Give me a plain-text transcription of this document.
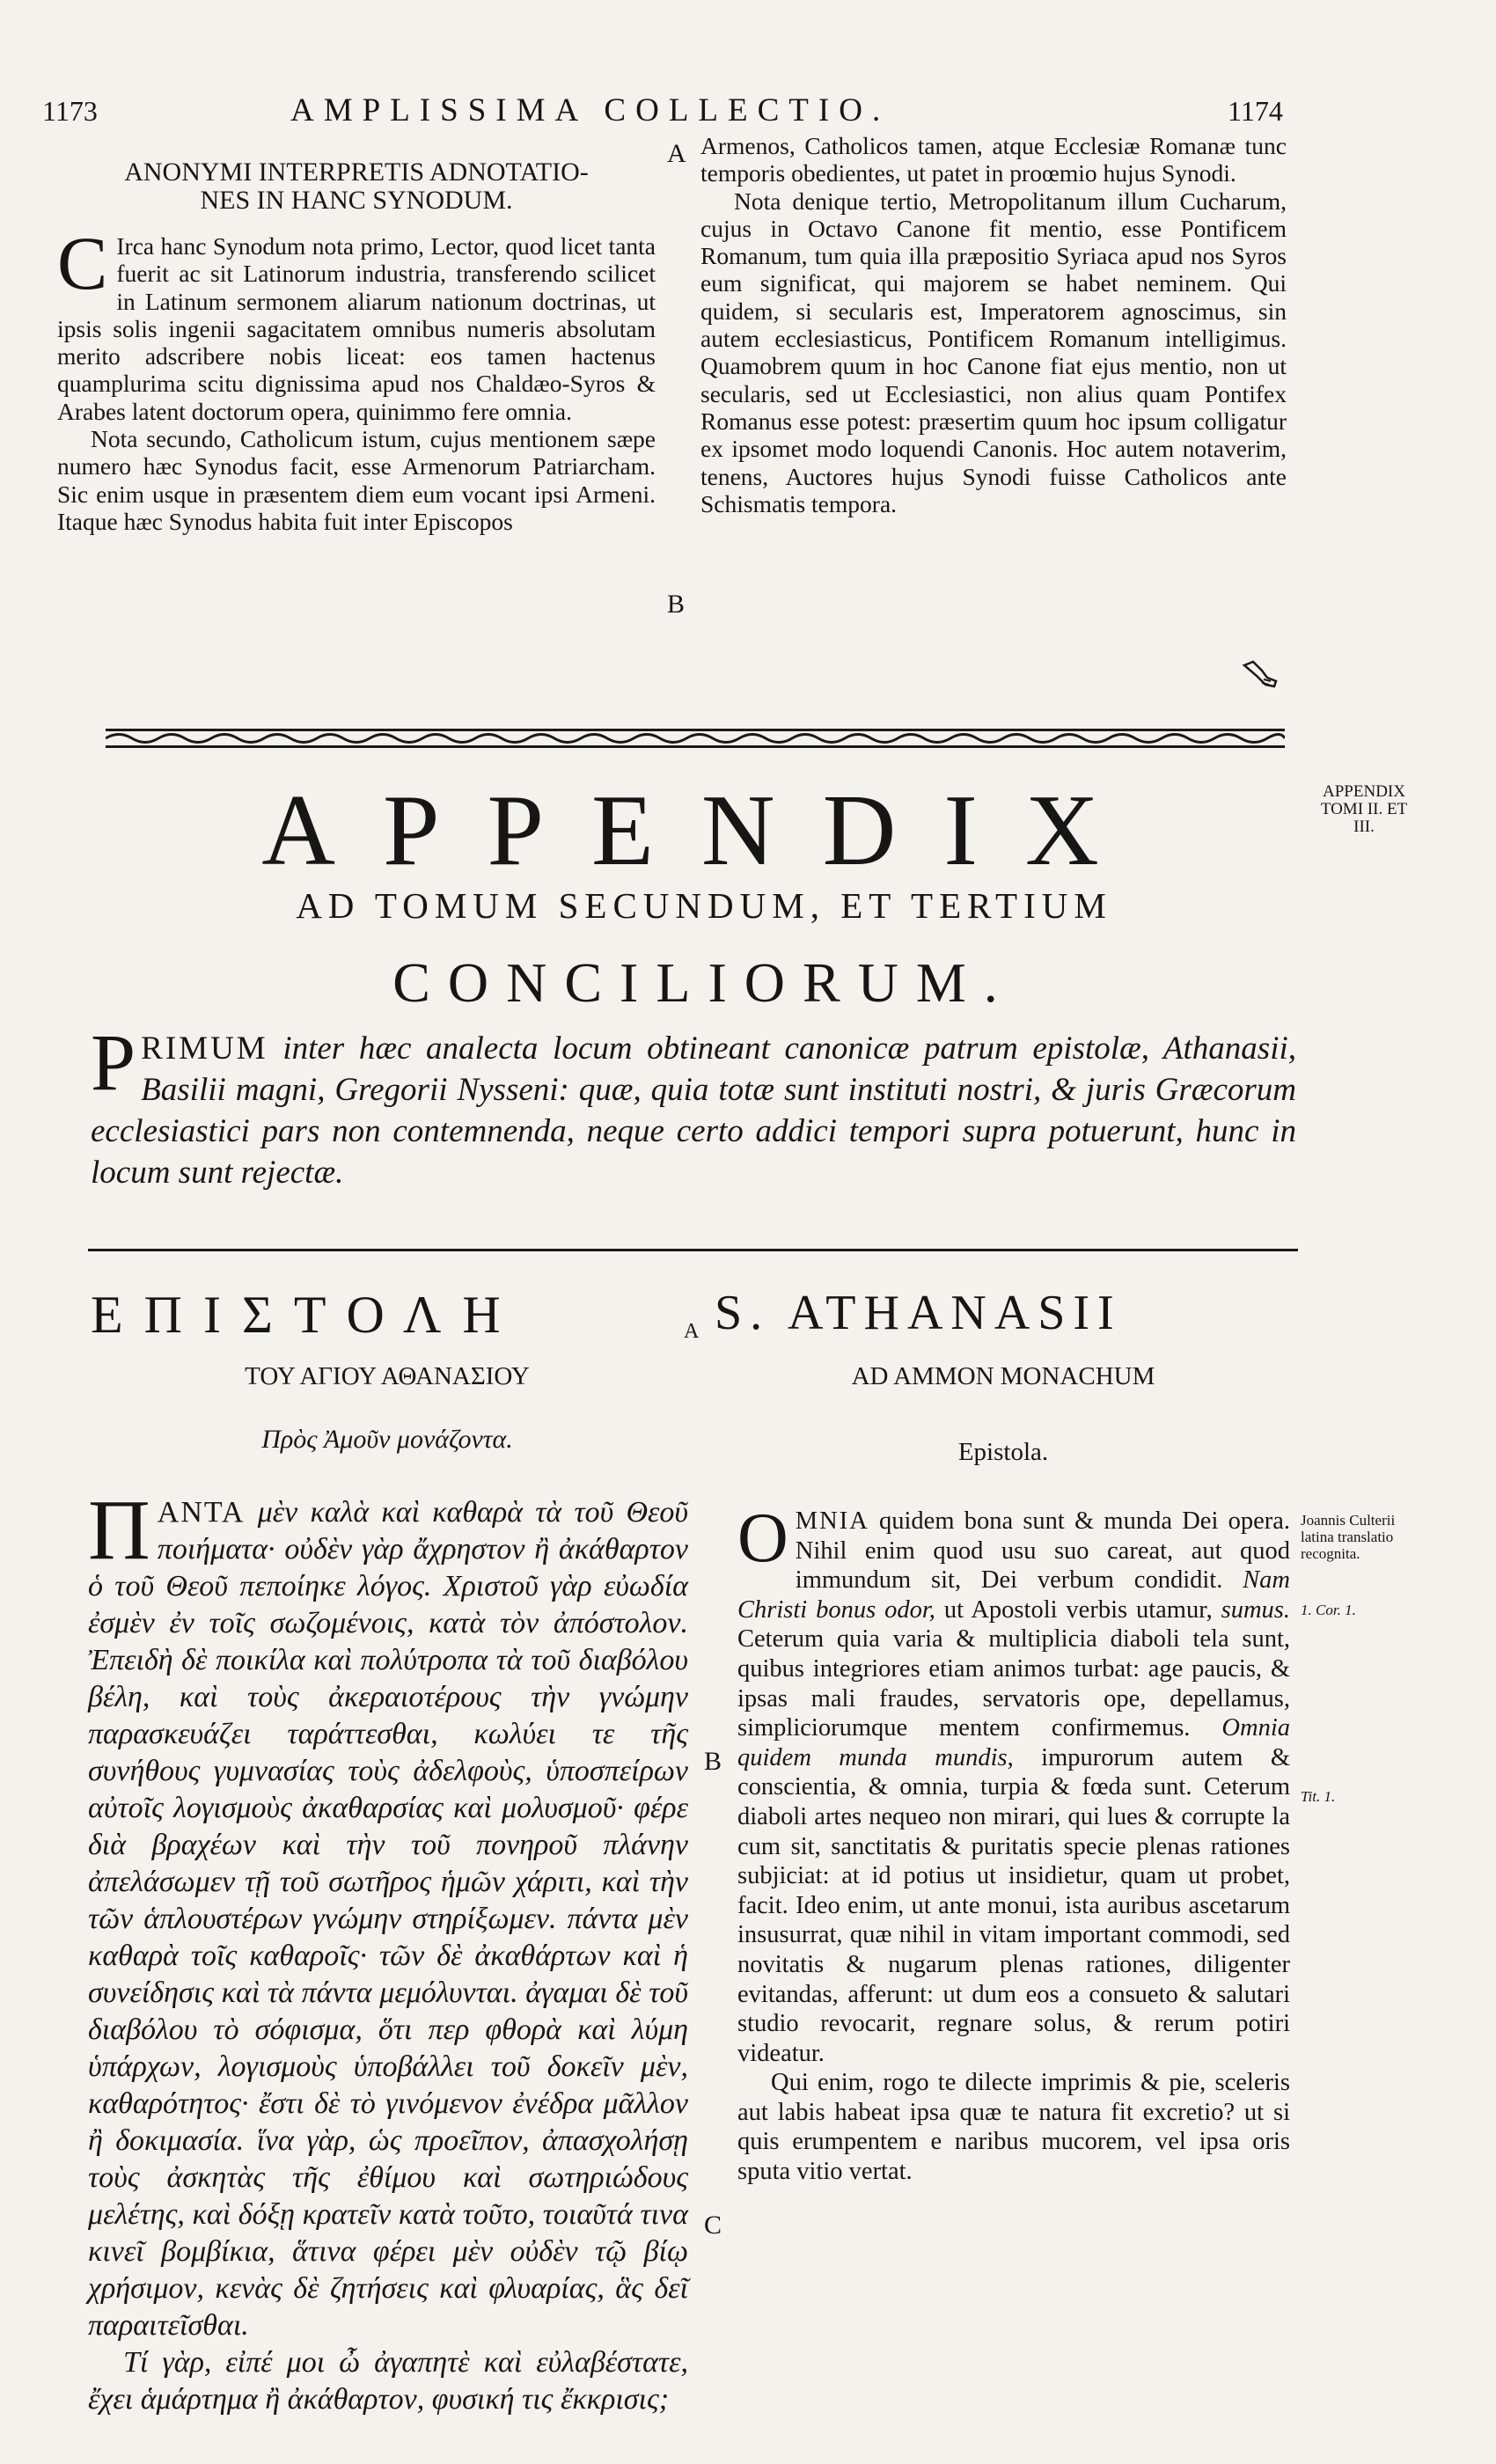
1173	AMPLISSIMA COLLECTIO.	1174
ANONYMI INTERPRETIS ADNOTATIO-
NES IN HANC SYNODUM.

C Irca hanc Synodum nota primo, Lector, quod licet tanta fuerit ac sit Latinorum industria, transferendo scilicet in Latinum sermonem aliarum nationum doctrinas, ut ipsis solis ingenii sagacitatem omnibus numeris absolutam merito adscribere nobis liceat: eos tamen hactenus quamplurima scitu dignissima apud nos Chaldæo-Syros & Arabes latent doctorum opera, quinimmo fere omnia.

Nota secundo, Catholicum istum, cujus mentionem sæpe numero hæc Synodus facit, esse Armenorum Patriarcham. Sic enim usque in præsentem diem eum vocant ipsi Armeni. Itaque hæc Synodus habita fuit inter Episcopos

A
B

Armenos, Catholicos tamen, atque Ecclesiæ Romanæ tunc temporis obedientes, ut patet in proœmio hujus Synodi.

Nota denique tertio, Metropolitanum illum Cucharum, cujus in Octavo Canone fit mentio, esse Pontificem Romanum, tum quia illa præpositio Syriaca apud nos Syros eum significat, qui majorem se habet neminem. Qui quidem, si secularis est, Imperatorem agnoscimus, sin autem ecclesiasticus, Pontificem Romanum intelligimus. Quamobrem quum in hoc Canone fiat ejus mentio, non ut secularis, sed ut Ecclesiastici, non alius quam Pontifex Romanus esse potest: præsertim quum hoc ipsum colligatur ex ipsomet modo loquendi Canonis. Hoc autem notaverim, tenens, Auctores hujus Synodi fuisse Catholicos ante Schismatis tempora.

APPENDIX	APPENDIX
TOMI II. ET
III.
AD TOMUM SECUNDUM, ET TERTIUM
CONCILIORUM.
PRIMUM inter hæc analecta locum obtineant canonicæ patrum epistolæ, Athanasii, Basilii magni, Gregorii Nysseni: quæ, quia totæ sunt instituti nostri, & juris Græcorum ecclesiastici pars non contemnenda, neque certo addici tempori supra potuerunt, hunc in locum sunt rejectæ.
ΕΠΙΣΤΟΛΗ	A S. ATHANASII
ΤΟΥ ΑΓΙΟΥ ΑΘΑΝΑΣΙΟΥ	AD AMMON MONACHUM
Πρὸς Ἀμοῦν μονάζοντα.	Epistola.

ΠΑΝΤΑ μὲν καλὰ καὶ καθαρὰ τὰ τοῦ Θεοῦ ποιήματα· οὐδὲν γὰρ ἄχρηστον ἢ ἀκάθαρτον ὁ τοῦ Θεοῦ πεποίηκε λόγος. Χριστοῦ γὰρ εὐωδία ἐσμὲν ἐν τοῖς σωζομένοις, κατὰ τὸν ἀπόστολον. Ἐπειδὴ δὲ ποικίλα καὶ πολύτροπα τὰ τοῦ διαβόλου βέλη, καὶ τοὺς ἀκεραιοτέρους τὴν γνώμην παρασκευάζει ταράττεσθαι, κωλύει τε τῆς συνήθους γυμνασίας τοὺς ἀδελφοὺς, ὑποσπείρων αὐτοῖς λογισμοὺς ἀκαθαρσίας καὶ μολυσμοῦ· φέρε διὰ βραχέων καὶ τὴν τοῦ πονηροῦ πλάνην ἀπελάσωμεν τῇ τοῦ σωτῆρος ἡμῶν χάριτι, καὶ τὴν τῶν ἁπλουστέρων γνώμην στηρίξωμεν. πάντα μὲν καθαρὰ τοῖς καθαροῖς· τῶν δὲ ἀκαθάρτων καὶ ἡ συνείδησις καὶ τὰ πάντα μεμόλυνται. ἀγαμαι δὲ τοῦ διαβόλου τὸ σόφισμα, ὅτι περ φθορὰ καὶ λύμη ὑπάρχων, λογισμοὺς ὑποβάλλει τοῦ δοκεῖν μὲν, καθαρότητος· ἔστι δὲ τὸ γινόμενον ἐνέδρα μᾶλλον ἢ δοκιμασία. ἵνα γὰρ, ὡς προεῖπον, ἀπασχολήσῃ τοὺς ἀσκητὰς τῆς ἐθίμου καὶ σωτηριώδους μελέτης, καὶ δόξῃ κρατεῖν κατὰ τοῦτο, τοιαῦτά τινα κινεῖ βομβίκια, ἅτινα φέρει μὲν οὐδὲν τῷ βίῳ χρήσιμον, κενὰς δὲ ζητήσεις καὶ φλυαρίας, ἃς δεῖ παραιτεῖσθαι.

Τί γὰρ, εἰπέ μοι ὦ ἀγαπητὲ καὶ εὐλαβέστατε, ἔχει ἁμάρτημα ἢ ἀκάθαρτον, φυσική τις ἔκκρισις;

B
C

OMNIA quidem bona sunt & munda Dei opera. Nihil enim quod usu suo careat, aut quod immundum sit, Dei verbum condidit. Nam Christi bonus odor, ut Apostoli verbis utamur, sumus. Ceterum quia varia & multiplicia diaboli tela sunt, quibus integriores etiam animos turbat: age paucis, & ipsas mali fraudes, servatoris ope, depellamus, simpliciorumque mentem confirmemus. Omnia quidem munda mundis, impurorum autem & conscientia, & omnia, turpia & fœda sunt. Ceterum diaboli artes nequeo non mirari, qui lues & corrupte la cum sit, sanctitatis & puritatis specie plenas rationes subjiciat: at id potius ut insidietur, quam ut probet, facit. Ideo enim, ut ante monui, ista auribus ascetarum insusurrat, quæ nihil in vitam important commodi, sed novitatis & nugarum plenas rationes, diligenter evitandas, afferunt: ut dum eos a consueto & salutari studio revocarit, regnare solus, & rerum potiri videatur.

Qui enim, rogo te dilecte imprimis & pie, sceleris aut labis habeat ipsa quæ te natura fit excretio? ut si quis erumpentem e naribus mucorem, vel ipsa oris sputa vitio vertat.

Joannis Culterii latina translatio recognita.
1. Cor. 1.
Tit. 1.
